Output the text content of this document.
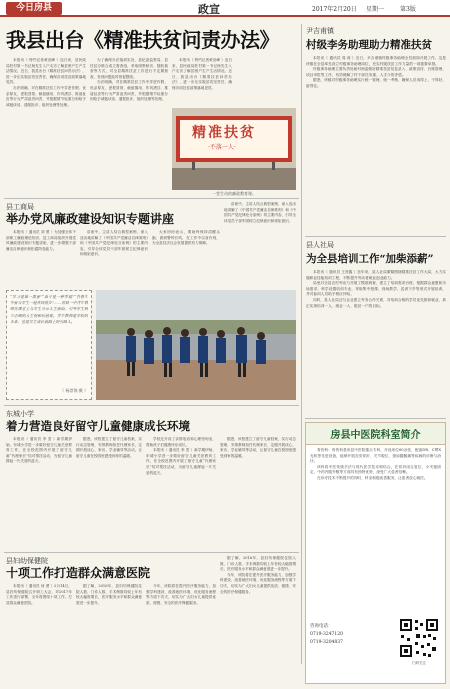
今日房县	政宣	2017年2月20日 星期一	第3版
我县出台《精准扶贫问责办法》

本报讯（ 特约记者黄竞峰 ）连日来，县民政局驻村第一书记杨先生入户走访了解贫困户生产生活情况。近日，我县出台《精准扶贫问责办法》，进一步压实脱贫攻坚责任，确保各项扶贫政策落地见效。

办法明确，对在精准扶贫工作中弄虚作假、优亲厚友、虚报冒领、截留挪用、作风漂浮、推诿扯皮等行为严肃追责问责，并根据情节轻重分别给予诫勉谈话、通报批评、组织处理等处理。

为了确保办法落到实处，县纪委监察局、县扶贫办联合成立督查组，采取明察暗访、随机抽查等方式，对全县精准扶贫工作进行不定期督查，发现问题及时督促整改。

办法明确，对在精准扶贫工作中弄虚作假、优亲厚友、虚报冒领、截留挪用、作风漂浮、推诿扯皮等行为严肃追责问责，并根据情节轻重分别给予诫勉谈话、通报批评、组织处理等处理。

本报讯（ 特约记者黄竞峰 ）连日来，县民政局驻村第一书记杨先生入户走访了解贫困户生产生活情况。近日，我县出台《精准扶贫问责办法》，进一步压实脱贫攻坚责任，确保各项扶贫政策落地见效。

精准扶贫
·不落一人·
一堂生动的廉政教育课。
县工商局
举办党风廉政建设知识专题讲座

本报讯（ 通讯员 刘 勇 ）为加强全体干部职工廉政理论知识，县工商局组织开展党风廉政建设知识专题讲座，进一步增强干部廉洁自律意识和拒腐防变能力。

讲座中，主讲人结合典型案例，深入浅出地讲解了《中国共产党廉洁自律准则》和《中国共产党纪律处分条例》的主要内容，引导全体党员干部牢固树立纪律意识和规矩意识。

大家纷纷表示，要始终保持清醒头脑，做到警钟长鸣，在工作中以身作则，为全县经济社会发展提供有力保障。

讲座中，主讲人结合典型案例，深入浅出地讲解了《中国共产党廉洁自律准则》和《中国共产党纪律处分条例》的主要内容，引导全体党员干部牢固树立纪律意识和规矩意识。

“学习是第一需要”“奋斗是一种幸福”“青春年华要与学生一起共同进步”……房县一中青年教师在课堂上与学生分享人生感悟，引导学生树立正确的人生观和价值观。青年教师是学校的未来，也是学生成长道路上的引路人。
（ 杨崇锦 摄 ）
东城小学
着力营造良好留守儿童健康成长环境

本报讯（ 通讯员 李 雲 ）新学期伊始，东城小学进一步做好留守儿童关爱教育工作，在全校范围内开展了留守儿童“代理家长”结对帮扶活动，为留守儿童撑起一片关爱的蓝天。

据悉，该校建立了留守儿童档案，实行动态管理，安排教师担任代理家长，定期开展谈心、家访、学业辅导等活动，让留守儿童在校园里感受到家的温暖。

学校还开设了亲情电话和心理咨询室，帮助孩子们健康快乐成长。

本报讯（ 通讯员 李 雲 ）新学期伊始，东城小学进一步做好留守儿童关爱教育工作，在全校范围内开展了留守儿童“代理家长”结对帮扶活动，为留守儿童撑起一片关爱的蓝天。

据悉，该校建立了留守儿童档案，实行动态管理，安排教师担任代理家长，定期开展谈心、家访、学业辅导等活动，让留守儿童在校园里感受到家的温暖。

县妇幼保健院
十项工作打造群众满意医院

本报讯（ 通讯员 何 勇 ）2月14日，县妇幼保健院召开职工大会，对2017年工作进行部署，全年将围绕十项工作，打造群众满意医院。

据了解，2016年，县妇幼保健院住院人数、门诊人数、手术例数均较上年有较大幅度增长，医疗服务水平和群众满意度进一步提升。

今年，该院将在提升医疗服务能力、加强学科建设、改善就医环境、优化服务流程等方面下功夫，切实为广大妇女儿童提供优质、便捷、安全的医疗保健服务。

据了解，2016年，县妇幼保健院住院人数、门诊人数、手术例数均较上年有较大幅度增长，医疗服务水平和群众满意度进一步提升。

今年，该院将在提升医疗服务能力、加强学科建设、改善就医环境、优化服务流程等方面下功夫，切实为广大妇女儿童提供优质、便捷、安全的医疗保健服务。

尹吉甫镇
村级李务助理助力精准扶贫

本报讯（ 通讯员 周 涛 ）近日，尹吉甫镇村级事务助理全员到岗开展工作。这是该镇在全县率先设立村级事务助理岗位，充实村级扶贫工作力量的一项重要举措。

村级事务助理主要负责协助村两委做好精准扶贫信息录入、政策宣传、台账管理、项目申报等工作，有效缓解了村干部任务重、人手少的矛盾。

据悉，该镇对村级事务助理实行统一管理、统一考核，确保人员用得上、干得好、留得住。

县人社局
为全县培训工作“加柴添薪”

本报讯（ 通讯员 王晋鑫 ）近年来，县人社局紧紧围绕精准扶贫工作大局，大力实施职业技能培训工程，不断提升劳动者就业创业能力。

局里对全县农村劳动力开展了摸底调查，建立了培训需求台账，根据群众意愿和市场需求，科学设置培训专业，采取集中授课、现场教学、送训下乡等形式开展培训，并对参训人员给予相应补贴。

同时，县人社局还与企业建立劳务合作关系，对培训合格的学员优先推荐就业，真正实现培训一人、就业一人、脱贫一户的目标。

房县中医院科室简介

骨伤科：骨伤科是房县中医院重点专科，开设床位60余张，配备DR、C臂X光机等先进设备，能够开展各类骨折、关节脱位、颈肩腰腿痛等疾病的诊断与治疗。

该科将中医传统手法与现代医学技术相结合，在骨折闭合复位、小夹板固定、中药内服外敷等方面具有独特优势，深受广大患者信赖。

在诊疗技术不断提升的同时，科室积极改善服务，让患者放心就医。

咨询电话：
0719-3247120
0719-3204837
扫码关注
